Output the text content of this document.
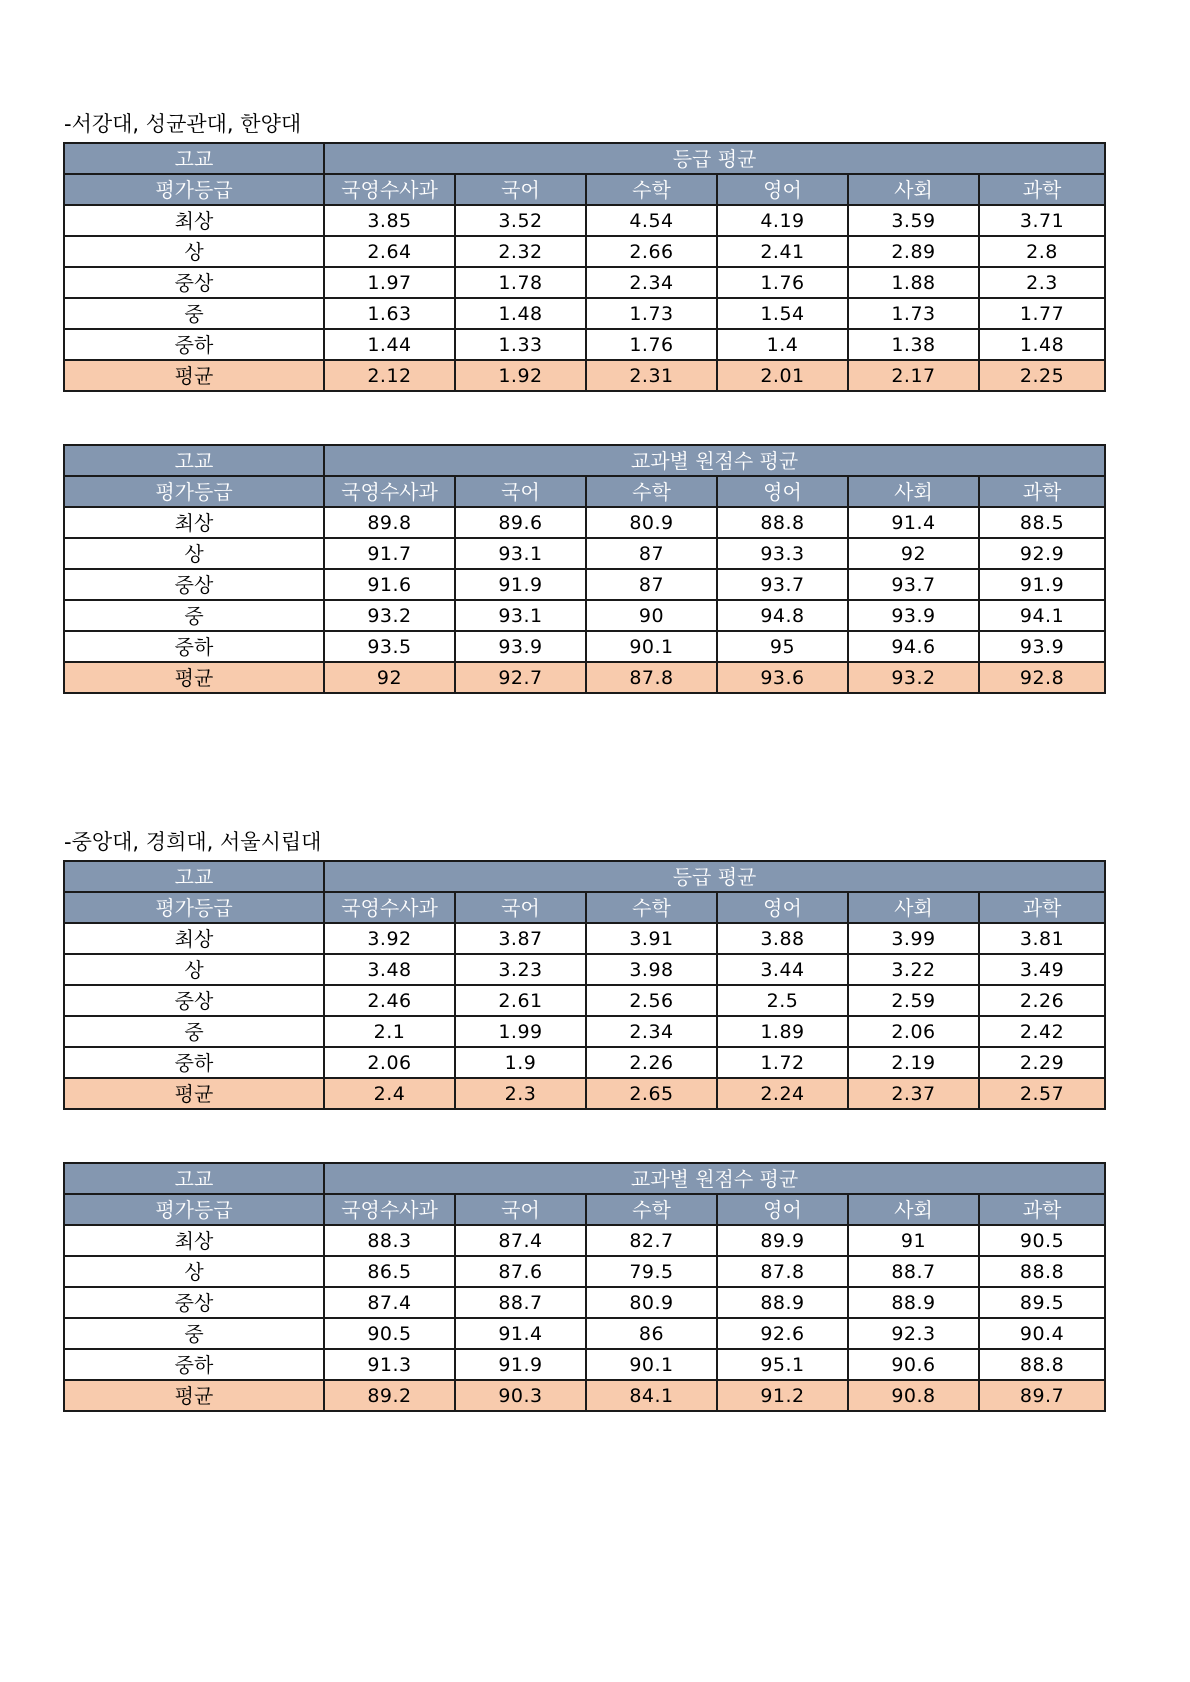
-서강대, 성균관대, 한양대
고교	등급 평균					
평가등급	국영수사과	국어	수학	영어	사회	과학
최상	3.85	3.52	4.54	4.19	3.59	3.71
상	2.64	2.32	2.66	2.41	2.89	2.8
중상	1.97	1.78	2.34	1.76	1.88	2.3
중	1.63	1.48	1.73	1.54	1.73	1.77
중하	1.44	1.33	1.76	1.4	1.38	1.48
평균	2.12	1.92	2.31	2.01	2.17	2.25
고교	교과별 원점수 평균					
평가등급	국영수사과	국어	수학	영어	사회	과학
최상	89.8	89.6	80.9	88.8	91.4	88.5
상	91.7	93.1	87	93.3	92	92.9
중상	91.6	91.9	87	93.7	93.7	91.9
중	93.2	93.1	90	94.8	93.9	94.1
중하	93.5	93.9	90.1	95	94.6	93.9
평균	92	92.7	87.8	93.6	93.2	92.8
-중앙대, 경희대, 서울시립대
고교	등급 평균					
평가등급	국영수사과	국어	수학	영어	사회	과학
최상	3.92	3.87	3.91	3.88	3.99	3.81
상	3.48	3.23	3.98	3.44	3.22	3.49
중상	2.46	2.61	2.56	2.5	2.59	2.26
중	2.1	1.99	2.34	1.89	2.06	2.42
중하	2.06	1.9	2.26	1.72	2.19	2.29
평균	2.4	2.3	2.65	2.24	2.37	2.57
고교	교과별 원점수 평균					
평가등급	국영수사과	국어	수학	영어	사회	과학
최상	88.3	87.4	82.7	89.9	91	90.5
상	86.5	87.6	79.5	87.8	88.7	88.8
중상	87.4	88.7	80.9	88.9	88.9	89.5
중	90.5	91.4	86	92.6	92.3	90.4
중하	91.3	91.9	90.1	95.1	90.6	88.8
평균	89.2	90.3	84.1	91.2	90.8	89.7
